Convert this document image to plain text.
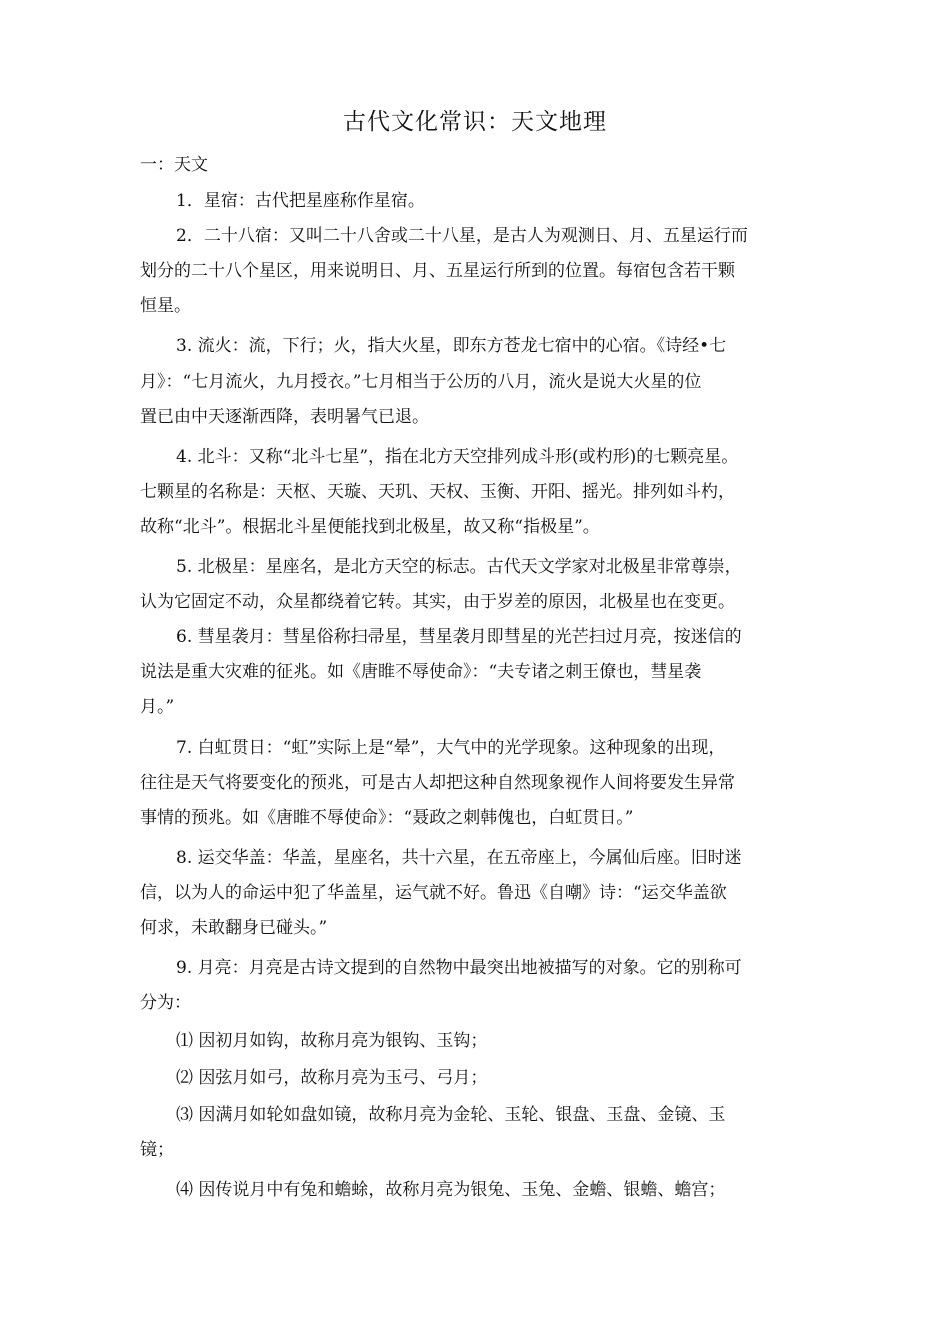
古代文化常识：天文地理
一：天文
1．星宿：古代把星座称作星宿。
2．二十八宿：又叫二十八舍或二十八星，是古人为观测日、月、五星运行而
划分的二十八个星区，用来说明日、月、五星运行所到的位置。每宿包含若干颗
恒星。
3. 流火：流，下行；火，指大火星，即东方苍龙七宿中的心宿。《诗经•七
月》：“七月流火，九月授衣。”七月相当于公历的八月，流火是说大火星的位
置已由中天逐渐西降，表明暑气已退。
4. 北斗：又称“北斗七星”，指在北方天空排列成斗形(或杓形)的七颗亮星。
七颗星的名称是：天枢、天璇、天玑、天权、玉衡、开阳、摇光。排列如斗杓，
故称“北斗”。根据北斗星便能找到北极星，故又称“指极星”。
5. 北极星：星座名，是北方天空的标志。古代天文学家对北极星非常尊崇，
认为它固定不动，众星都绕着它转。其实，由于岁差的原因，北极星也在变更。
6. 彗星袭月：彗星俗称扫帚星，彗星袭月即彗星的光芒扫过月亮，按迷信的
说法是重大灾难的征兆。如《唐睢不辱使命》：“夫专诸之刺王僚也，彗星袭
月。”
7. 白虹贯日：“虹”实际上是“晕”，大气中的光学现象。这种现象的出现，
往往是天气将要变化的预兆，可是古人却把这种自然现象视作人间将要发生异常
事情的预兆。如《唐睢不辱使命》：“聂政之刺韩傀也，白虹贯日。”
8. 运交华盖：华盖，星座名，共十六星，在五帝座上，今属仙后座。旧时迷
信，以为人的命运中犯了华盖星，运气就不好。鲁迅《自嘲》诗：“运交华盖欲
何求，未敢翻身已碰头。”
9. 月亮：月亮是古诗文提到的自然物中最突出地被描写的对象。它的别称可
分为：
⑴ 因初月如钩，故称月亮为银钩、玉钩；
⑵ 因弦月如弓，故称月亮为玉弓、弓月；
⑶ 因满月如轮如盘如镜，故称月亮为金轮、玉轮、银盘、玉盘、金镜、玉
镜；
⑷ 因传说月中有兔和蟾蜍，故称月亮为银兔、玉兔、金蟾、银蟾、蟾宫；
